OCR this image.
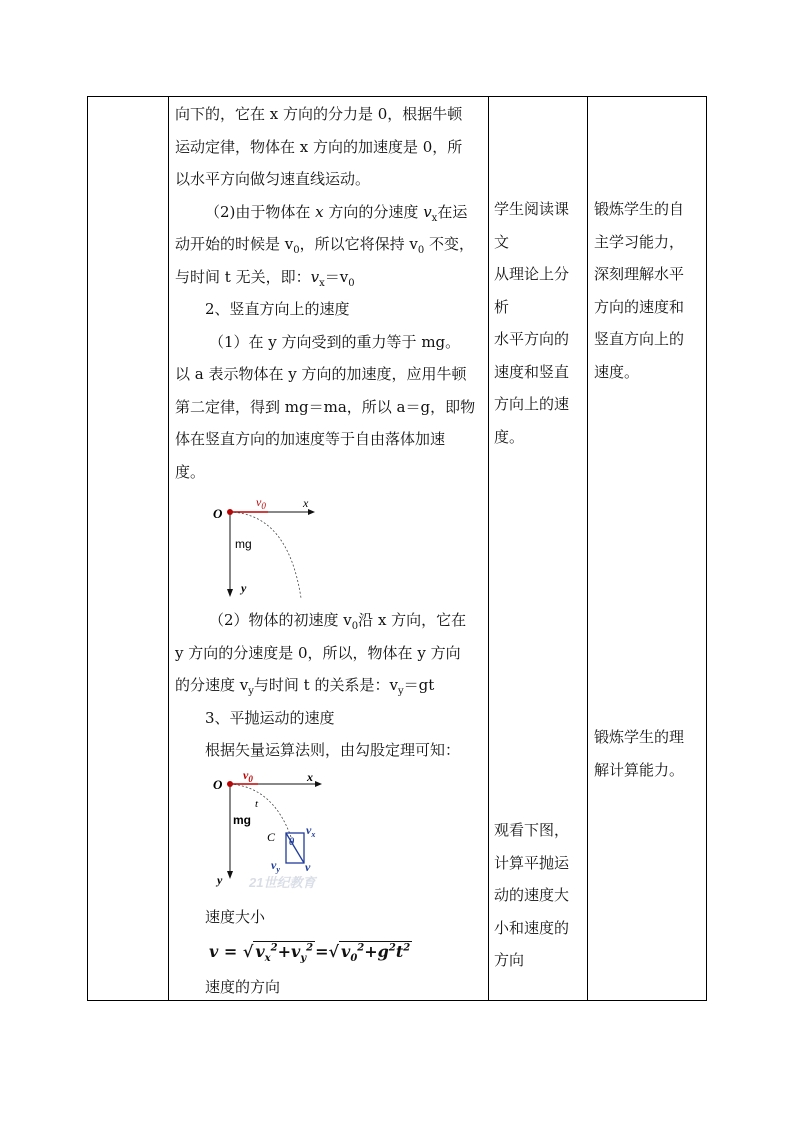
向下的，它在 x 方向的分力是 0，根据牛顿

运动定律，物体在 x 方向的加速度是 0，所

以水平方向做匀速直线运动。

（2)由于物体在 x 方向的分速度 $v_x$在运

动开始的时候是 $v_0$，所以它将保持 $v_0$ 不变，

与时间 t 无关，即：$v_x=v_0$

2、竖直方向上的速度

（1）在 y 方向受到的重力等于 mg。

以 a 表示物体在 y 方向的加速度，应用牛顿

第二定律，得到 mg＝ma，所以 a＝g，即物

体在竖直方向的加速度等于自由落体加速

度。

O
$v_0$	x
mg
y

（2）物体的初速度 $v_0$沿 x 方向，它在

y 方向的分速度是 0，所以，物体在 y 方向

的分速度 $v_y$与时间 t 的关系是：$v_y=gt$

3、平抛运动的速度

根据矢量运算法则，由勾股定理可知：

O
$v_0$	x
t
mg
C θ
$v_x$
$v_y$ v
y 21世纪教育

速度大小

v = √ $v_x^2+v_y^2$ =√ $v_0^2+g^2t^2$

速度的方向

学生阅读课

文

从理论上分

析

水平方向的

速度和竖直

方向上的速

度。

观看下图，

计算平抛运

动的速度大

小和速度的

方向

锻炼学生的自

主学习能力，

深刻理解水平

方向的速度和

竖直方向上的

速度。

锻炼学生的理

解计算能力。
